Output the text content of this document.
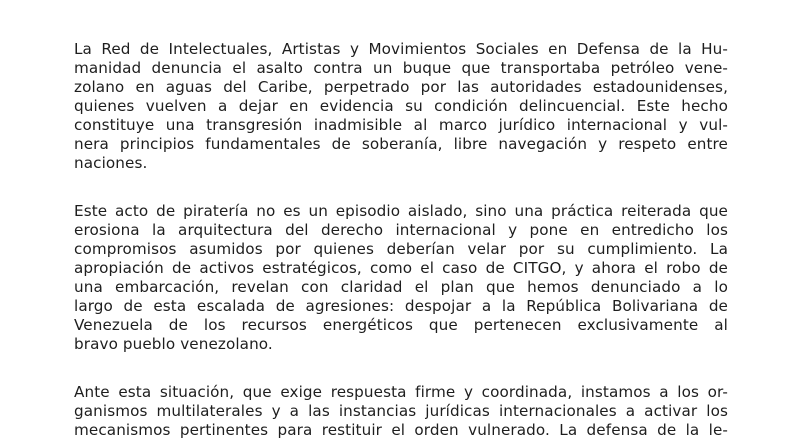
La Red de Intelectuales, Artistas y Movimientos Sociales en Defensa de la Hu-
manidad denuncia el asalto contra un buque que transportaba petróleo vene-
zolano en aguas del Caribe, perpetrado por las autoridades estadounidenses,
quienes vuelven a dejar en evidencia su condición delincuencial. Este hecho
constituye una transgresión inadmisible al marco jurídico internacional y vul-
nera principios fundamentales de soberanía, libre navegación y respeto entre
naciones.
Este acto de piratería no es un episodio aislado, sino una práctica reiterada que
erosiona la arquitectura del derecho internacional y pone en entredicho los
compromisos asumidos por quienes deberían velar por su cumplimiento. La
apropiación de activos estratégicos, como el caso de CITGO, y ahora el robo de
una embarcación, revelan con claridad el plan que hemos denunciado a lo
largo de esta escalada de agresiones: despojar a la República Bolivariana de
Venezuela de los recursos energéticos que pertenecen exclusivamente al
bravo pueblo venezolano.
Ante esta situación, que exige respuesta firme y coordinada, instamos a los or-
ganismos multilaterales y a las instancias jurídicas internacionales a activar los
mecanismos pertinentes para restituir el orden vulnerado. La defensa de la le-
